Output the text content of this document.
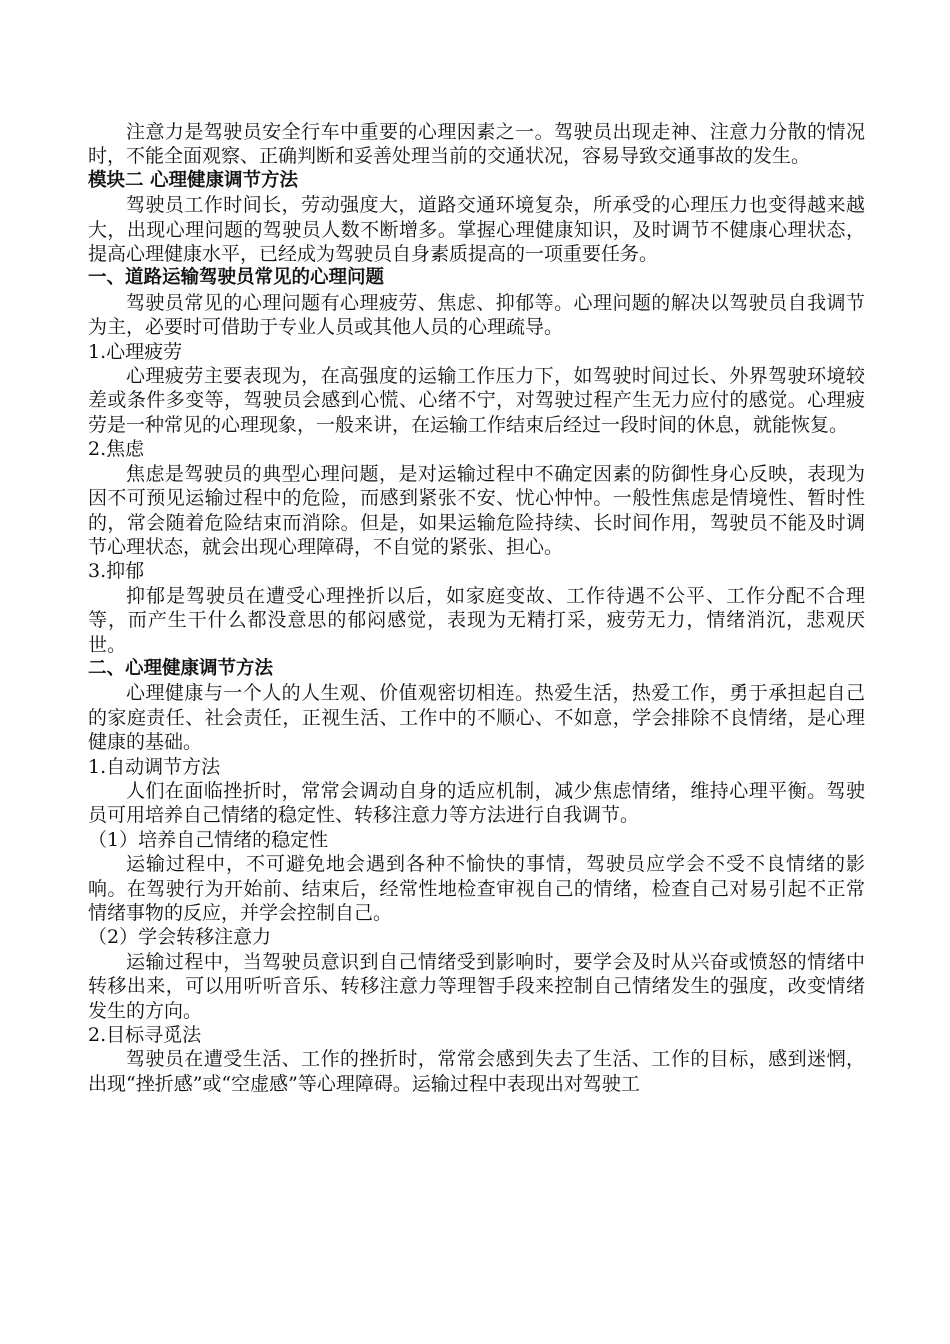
注意力是驾驶员安全行车中重要的心理因素之一。驾驶员出现走神、注意力分散的情况时，不能全面观察、正确判断和妥善处理当前的交通状况，容易导致交通事故的发生。

模块二 心理健康调节方法

驾驶员工作时间长，劳动强度大，道路交通环境复杂，所承受的心理压力也变得越来越大，出现心理问题的驾驶员人数不断增多。掌握心理健康知识，及时调节不健康心理状态，提高心理健康水平，已经成为驾驶员自身素质提高的一项重要任务。

一、道路运输驾驶员常见的心理问题

驾驶员常见的心理问题有心理疲劳、焦虑、抑郁等。心理问题的解决以驾驶员自我调节为主，必要时可借助于专业人员或其他人员的心理疏导。

1.心理疲劳

心理疲劳主要表现为，在高强度的运输工作压力下，如驾驶时间过长、外界驾驶环境较差或条件多变等，驾驶员会感到心慌、心绪不宁，对驾驶过程产生无力应付的感觉。心理疲劳是一种常见的心理现象，一般来讲，在运输工作结束后经过一段时间的休息，就能恢复。

2.焦虑

焦虑是驾驶员的典型心理问题，是对运输过程中不确定因素的防御性身心反映，表现为因不可预见运输过程中的危险，而感到紧张不安、忧心忡忡。一般性焦虑是情境性、暂时性的，常会随着危险结束而消除。但是，如果运输危险持续、长时间作用，驾驶员不能及时调节心理状态，就会出现心理障碍，不自觉的紧张、担心。

3.抑郁

抑郁是驾驶员在遭受心理挫折以后，如家庭变故、工作待遇不公平、工作分配不合理等，而产生干什么都没意思的郁闷感觉，表现为无精打采，疲劳无力，情绪消沉，悲观厌世。

二、心理健康调节方法

心理健康与一个人的人生观、价值观密切相连。热爱生活，热爱工作，勇于承担起自己的家庭责任、社会责任，正视生活、工作中的不顺心、不如意，学会排除不良情绪，是心理健康的基础。

1.自动调节方法

人们在面临挫折时，常常会调动自身的适应机制，减少焦虑情绪，维持心理平衡。驾驶员可用培养自己情绪的稳定性、转移注意力等方法进行自我调节。

（1）培养自己情绪的稳定性

运输过程中，不可避免地会遇到各种不愉快的事情，驾驶员应学会不受不良情绪的影响。在驾驶行为开始前、结束后，经常性地检查审视自己的情绪，检查自己对易引起不正常情绪事物的反应，并学会控制自己。

（2）学会转移注意力

运输过程中，当驾驶员意识到自己情绪受到影响时，要学会及时从兴奋或愤怒的情绪中转移出来，可以用听听音乐、转移注意力等理智手段来控制自己情绪发生的强度，改变情绪发生的方向。

2.目标寻觅法

驾驶员在遭受生活、工作的挫折时，常常会感到失去了生活、工作的目标，感到迷惘，出现“挫折感”或“空虚感”等心理障碍。运输过程中表现出对驾驶工
